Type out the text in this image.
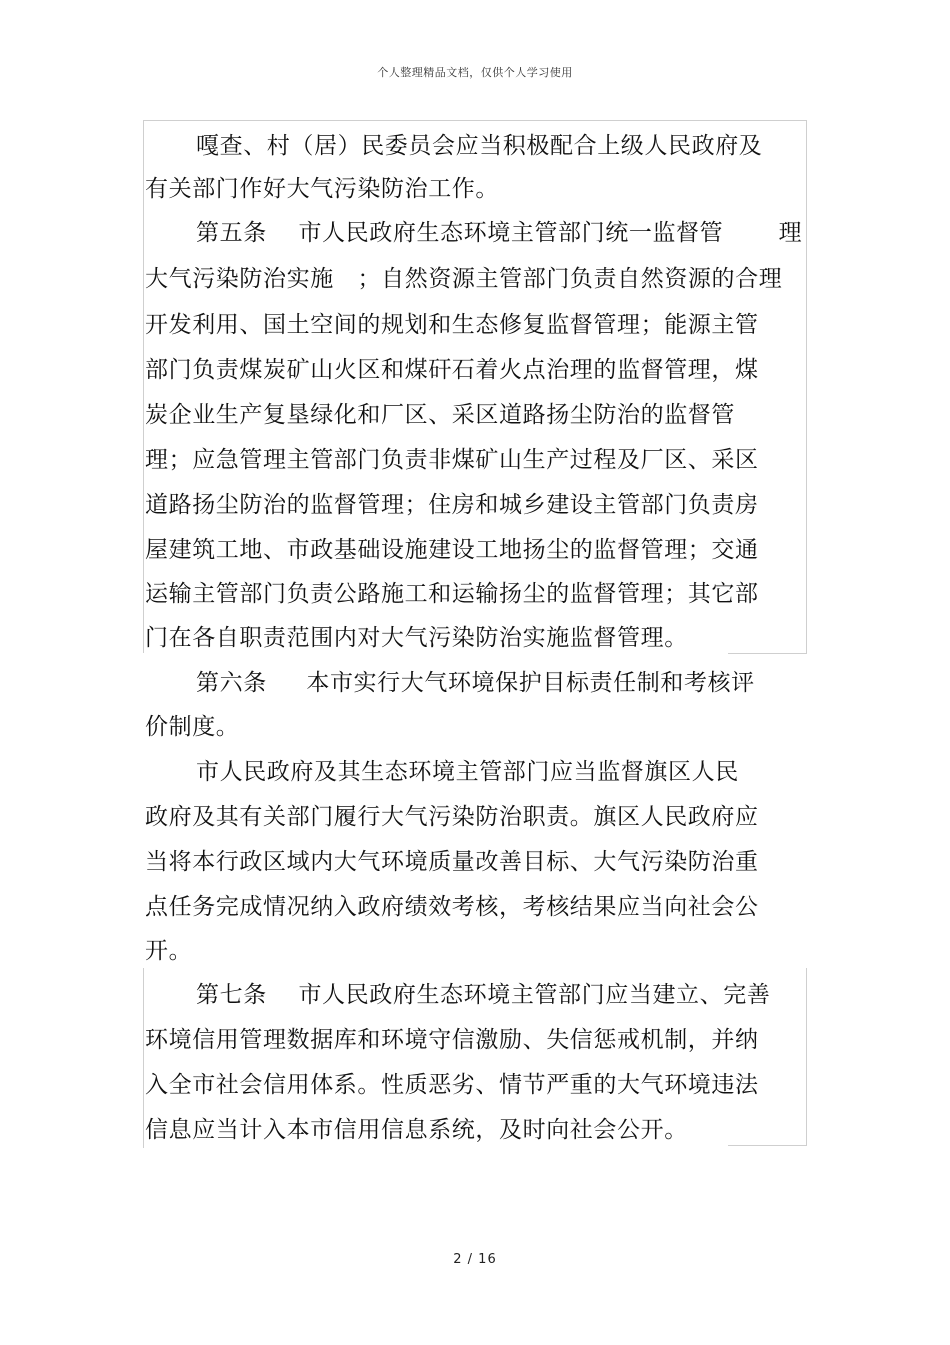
个人整理精品文档，仅供个人学习使用
嘎查、村（居）民委员会应当积极配合上级人民政府及
有关部门作好大气污染防治工作。
第五条    市人民政府生态环境主管部门统一监督管       理
大气污染防治实施   ；自然资源主管部门负责自然资源的合理
开发利用、国土空间的规划和生态修复监督管理；能源主管
部门负责煤炭矿山火区和煤矸石着火点治理的监督管理，煤
炭企业生产复垦绿化和厂区、采区道路扬尘防治的监督管
理；应急管理主管部门负责非煤矿山生产过程及厂区、采区
道路扬尘防治的监督管理；住房和城乡建设主管部门负责房
屋建筑工地、市政基础设施建设工地扬尘的监督管理；交通
运输主管部门负责公路施工和运输扬尘的监督管理；其它部
门在各自职责范围内对大气污染防治实施监督管理。
第六条     本市实行大气环境保护目标责任制和考核评
价制度。
市人民政府及其生态环境主管部门应当监督旗区人民
政府及其有关部门履行大气污染防治职责。旗区人民政府应
当将本行政区域内大气环境质量改善目标、大气污染防治重
点任务完成情况纳入政府绩效考核，考核结果应当向社会公
开。
第七条    市人民政府生态环境主管部门应当建立、完善
环境信用管理数据库和环境守信激励、失信惩戒机制，并纳
入全市社会信用体系。性质恶劣、情节严重的大气环境违法
信息应当计入本市信用信息系统，及时向社会公开。
2 / 16
